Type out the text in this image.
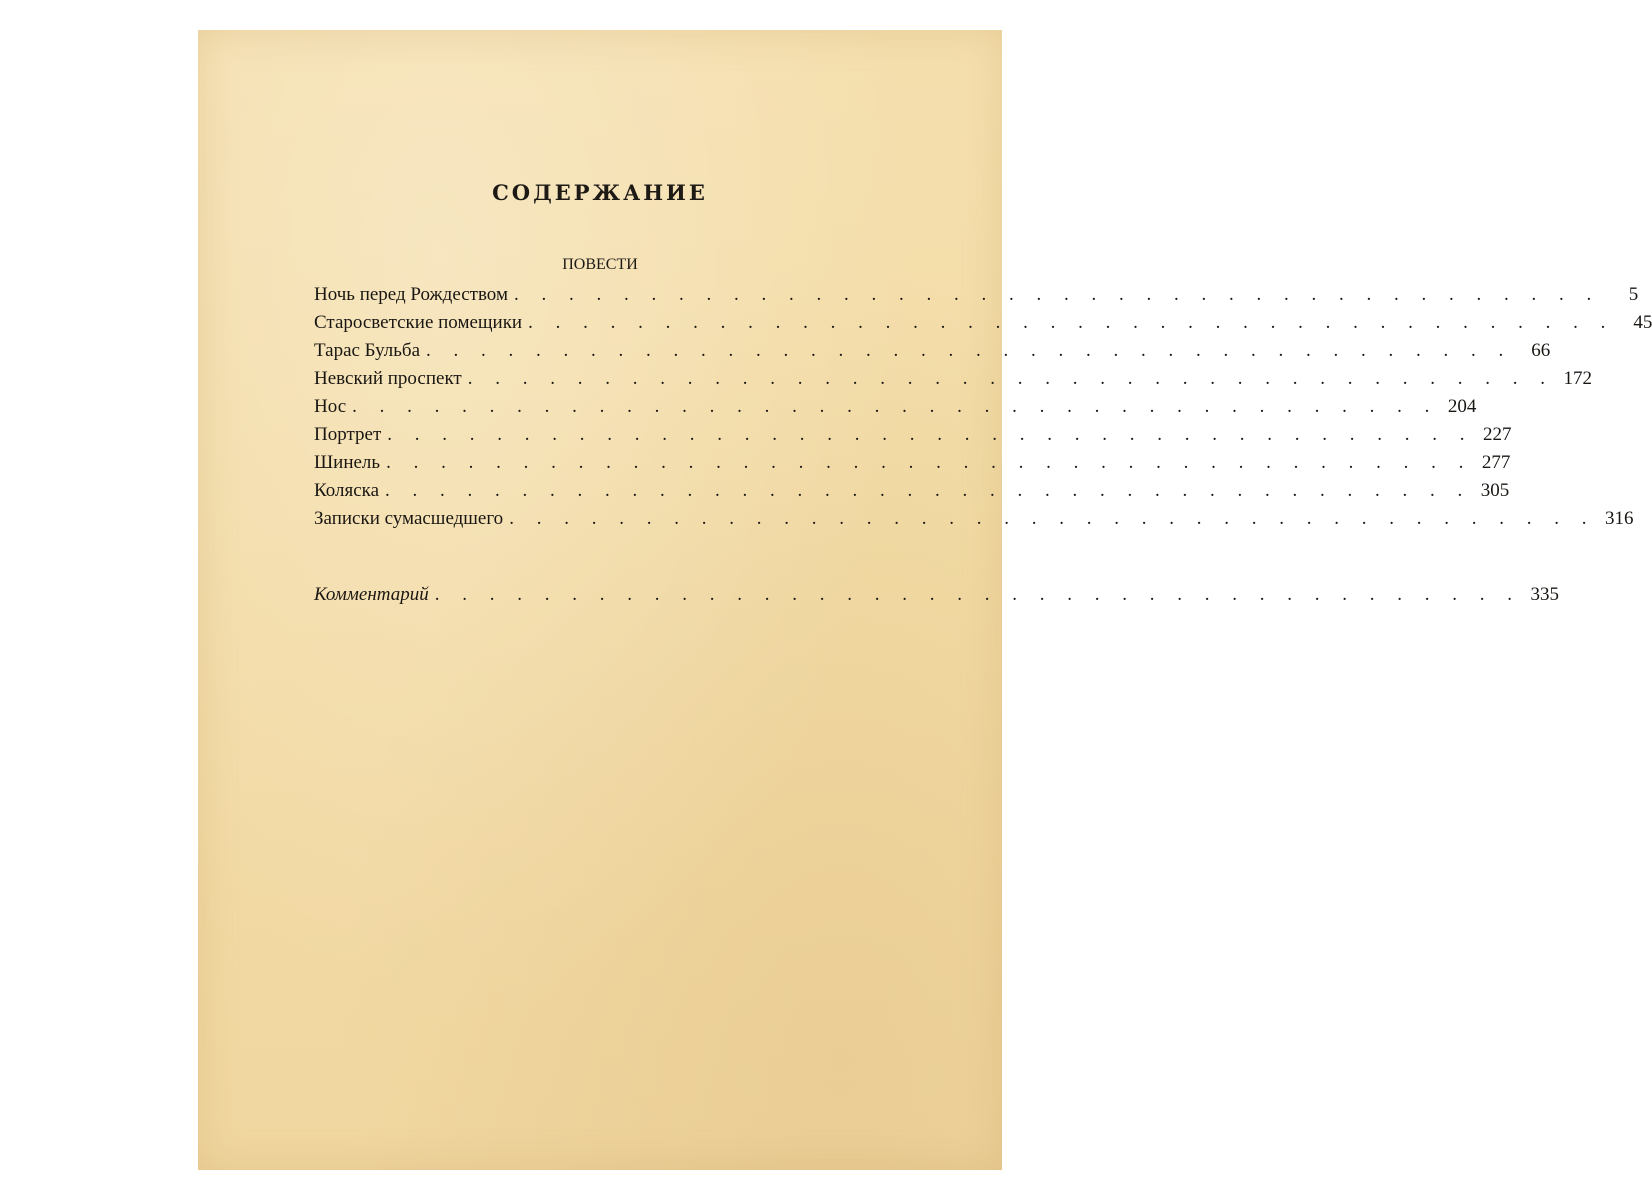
СОДЕРЖАНИЕ
ПОВЕСТИ
Ночь перед Рождеством . . . . . . . . . . . . . . . . . . . . . . . . . . . . . . . . . . . . . . . .	5
Старосветские помещики . . . . . . . . . . . . . . . . . . . . . . . . . . . . . . . . . . . . . . . .	45
Тарас Бульба . . . . . . . . . . . . . . . . . . . . . . . . . . . . . . . . . . . . . . . .	66
Невский проспект . . . . . . . . . . . . . . . . . . . . . . . . . . . . . . . . . . . . . . . . 172
Нос . . . . . . . . . . . . . . . . . . . . . . . . . . . . . . . . . . . . . . . . 204
Портрет . . . . . . . . . . . . . . . . . . . . . . . . . . . . . . . . . . . . . . . . 227
Шинель . . . . . . . . . . . . . . . . . . . . . . . . . . . . . . . . . . . . . . . . 277
Коляска . . . . . . . . . . . . . . . . . . . . . . . . . . . . . . . . . . . . . . . . 305
Записки сумасшедшего . . . . . . . . . . . . . . . . . . . . . . . . . . . . . . . . . . . . . . . . 316
Комментарий . . . . . . . . . . . . . . . . . . . . . . . . . . . . . . . . . . . . . . . . 335
